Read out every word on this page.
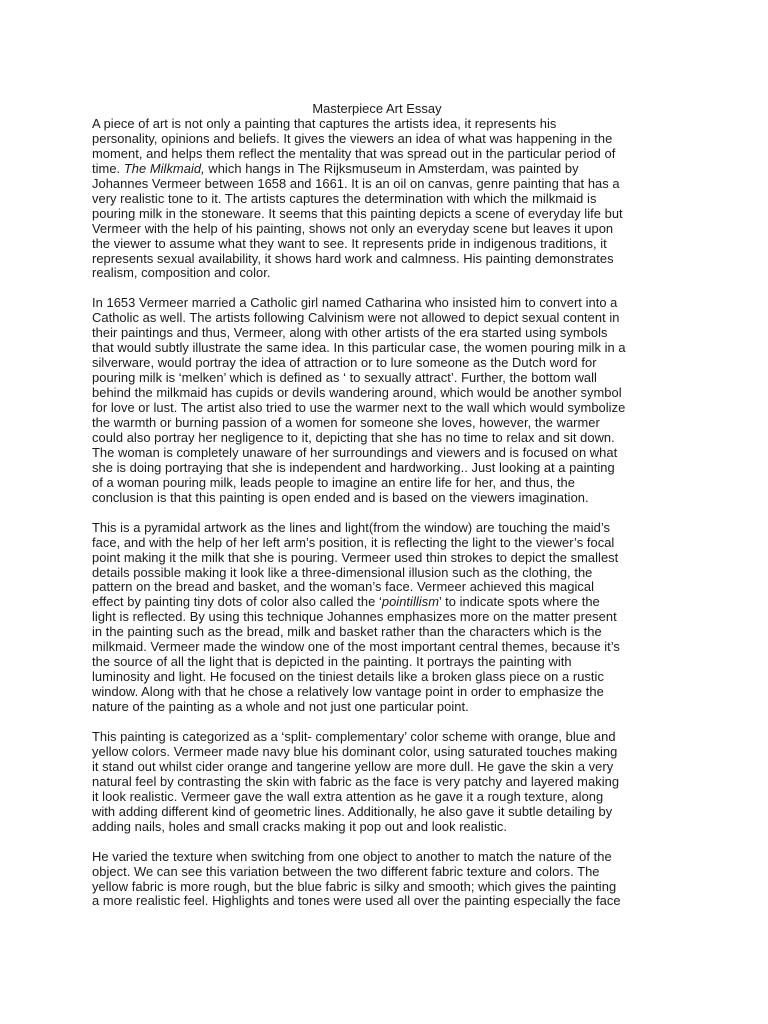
Masterpiece Art Essay
A piece of art is not only a painting that captures the artists idea, it represents his
personality, opinions and beliefs. It gives the viewers an idea of what was happening in the
moment, and helps them reflect the mentality that was spread out in the particular period of
time. The Milkmaid, which hangs in The Rijksmuseum in Amsterdam, was painted by
Johannes Vermeer between 1658 and 1661. It is an oil on canvas, genre painting that has a
very realistic tone to it. The artists captures the determination with which the milkmaid is
pouring milk in the stoneware. It seems that this painting depicts a scene of everyday life but
Vermeer with the help of his painting, shows not only an everyday scene but leaves it upon
the viewer to assume what they want to see. It represents pride in indigenous traditions, it
represents sexual availability, it shows hard work and calmness. His painting demonstrates
realism, composition and color.
In 1653 Vermeer married a Catholic girl named Catharina who insisted him to convert into a
Catholic as well. The artists following Calvinism were not allowed to depict sexual content in
their paintings and thus, Vermeer, along with other artists of the era started using symbols
that would subtly illustrate the same idea. In this particular case, the women pouring milk in a
silverware, would portray the idea of attraction or to lure someone as the Dutch word for
pouring milk is ‘melken’ which is defined as ‘ to sexually attract’. Further, the bottom wall
behind the milkmaid has cupids or devils wandering around, which would be another symbol
for love or lust. The artist also tried to use the warmer next to the wall which would symbolize
the warmth or burning passion of a women for someone she loves, however, the warmer
could also portray her negligence to it, depicting that she has no time to relax and sit down.
The woman is completely unaware of her surroundings and viewers and is focused on what
she is doing portraying that she is independent and hardworking.. Just looking at a painting
of a woman pouring milk, leads people to imagine an entire life for her, and thus, the
conclusion is that this painting is open ended and is based on the viewers imagination.
This is a pyramidal artwork as the lines and light(from the window) are touching the maid’s
face, and with the help of her left arm’s position, it is reflecting the light to the viewer’s focal
point making it the milk that she is pouring. Vermeer used thin strokes to depict the smallest
details possible making it look like a three-dimensional illusion such as the clothing, the
pattern on the bread and basket, and the woman’s face. Vermeer achieved this magical
effect by painting tiny dots of color also called the ‘pointillism’ to indicate spots where the
light is reflected. By using this technique Johannes emphasizes more on the matter present
in the painting such as the bread, milk and basket rather than the characters which is the
milkmaid. Vermeer made the window one of the most important central themes, because it’s
the source of all the light that is depicted in the painting. It portrays the painting with
luminosity and light. He focused on the tiniest details like a broken glass piece on a rustic
window. Along with that he chose a relatively low vantage point in order to emphasize the
nature of the painting as a whole and not just one particular point.
This painting is categorized as a ‘split- complementary’ color scheme with orange, blue and
yellow colors. Vermeer made navy blue his dominant color, using saturated touches making
it stand out whilst cider orange and tangerine yellow are more dull. He gave the skin a very
natural feel by contrasting the skin with fabric as the face is very patchy and layered making
it look realistic. Vermeer gave the wall extra attention as he gave it a rough texture, along
with adding different kind of geometric lines. Additionally, he also gave it subtle detailing by
adding nails, holes and small cracks making it pop out and look realistic.
He varied the texture when switching from one object to another to match the nature of the
object. We can see this variation between the two different fabric texture and colors. The
yellow fabric is more rough, but the blue fabric is silky and smooth; which gives the painting
a more realistic feel. Highlights and tones were used all over the painting especially the face
